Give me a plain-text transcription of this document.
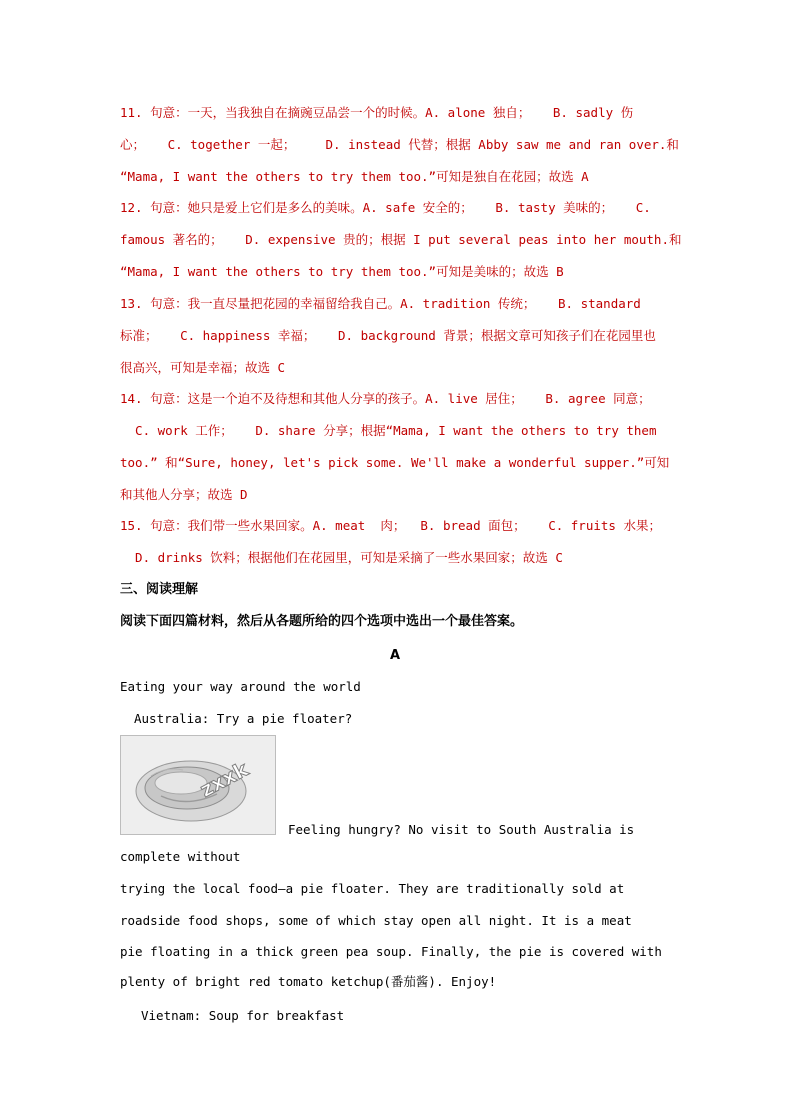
11. 句意：一天，当我独自在摘豌豆品尝一个的时候。A. alone 独自；   B. sadly 伤
心；   C. together 一起；    D. instead 代替；根据 Abby saw me and ran over.和
“Mama, I want the others to try them too.”可知是独自在花园；故选 A
12. 句意：她只是爱上它们是多么的美味。A. safe 安全的；   B. tasty 美味的；   C.
famous 著名的；   D. expensive 贵的；根据 I put several peas into her mouth.和
“Mama, I want the others to try them too.”可知是美味的；故选 B
13. 句意：我一直尽量把花园的幸福留给我自己。A. tradition 传统；   B. standard
标准；   C. happiness 幸福；   D. background 背景；根据文章可知孩子们在花园里也
很高兴，可知是幸福；故选 C
14. 句意：这是一个迫不及待想和其他人分享的孩子。A. live 居住；   B. agree 同意；
C. work 工作；   D. share 分享；根据“Mama, I want the others to try them
too.” 和“Sure, honey, let's pick some. We'll make a wonderful supper.”可知
和其他人分享；故选 D
15. 句意：我们带一些水果回家。A. meat  肉；  B. bread 面包；   C. fruits 水果；
D. drinks 饮料；根据他们在花园里，可知是采摘了一些水果回家；故选 C
三、阅读理解
阅读下面四篇材料，然后从各题所给的四个选项中选出一个最佳答案。
A
Eating your way around the world
Australia: Try a pie floater?
zxxk
Feeling hungry? No visit to South Australia is
complete without
trying the local food—a pie floater. They are traditionally sold at
roadside food shops, some of which stay open all night. It is a meat
pie floating in a thick green pea soup. Finally, the pie is covered with
plenty of bright red tomato ketchup(番茄酱). Enjoy!
Vietnam: Soup for breakfast
